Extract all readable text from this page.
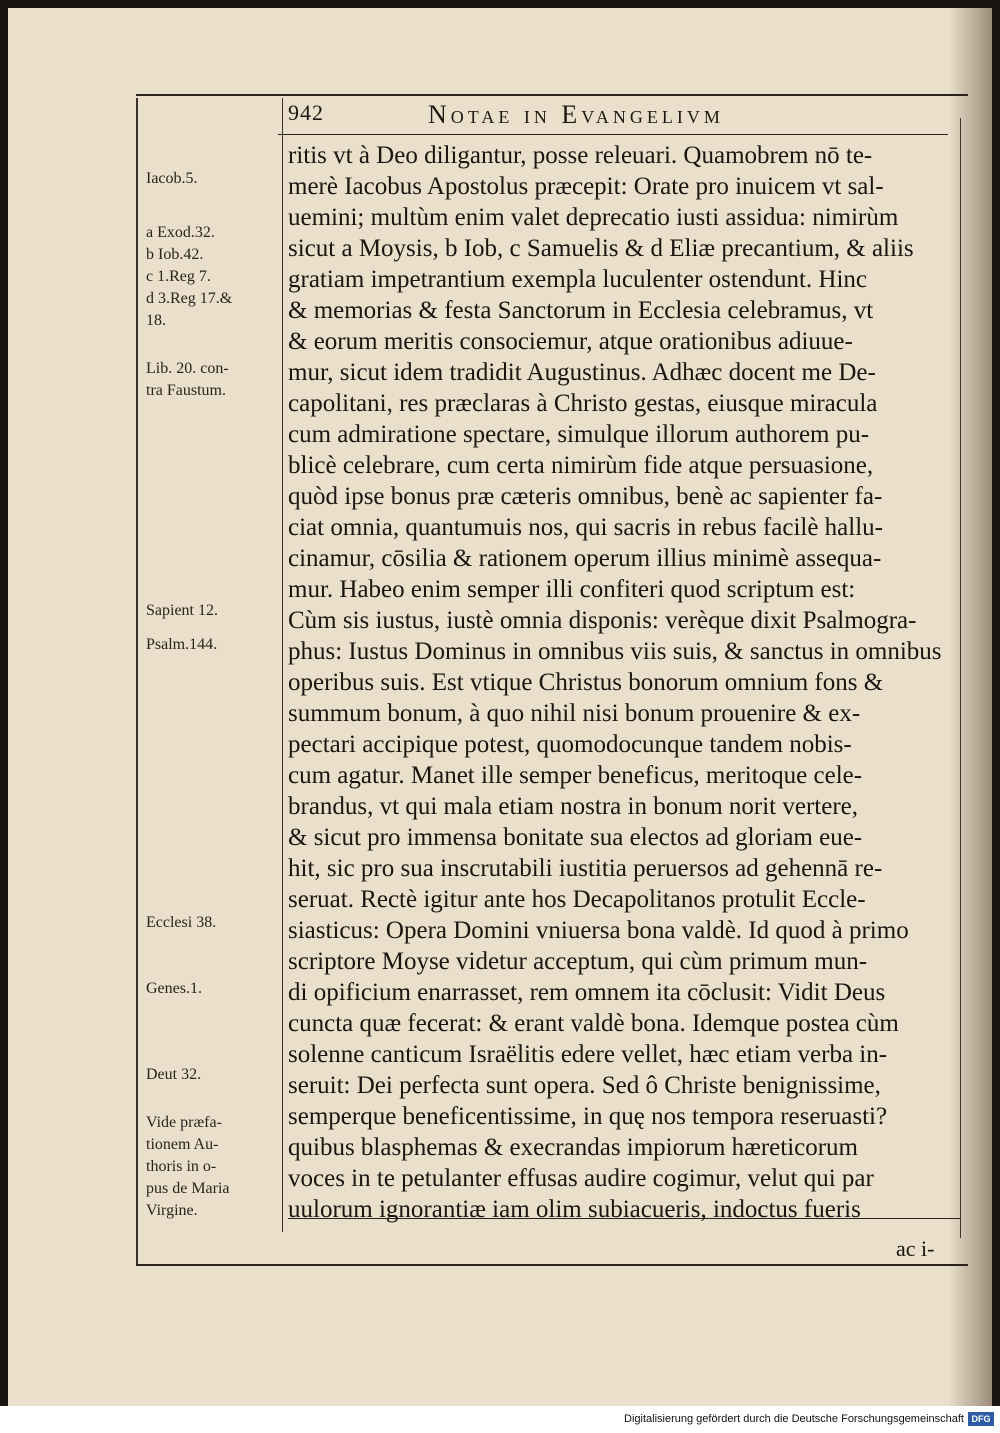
942	Notae in Evangelivm
Iacob.5.
a Exod.32.
b Iob.42.
c 1.Reg 7.
d 3.Reg 17.&
18.
Lib. 20. con-
tra Faustum.
Sapient 12.
Psalm.144.
Ecclesi 38.
Genes.1.
Deut 32.
Vide præfa-
tionem Au-
thoris in o-
pus de Maria
Virgine.
ritis vt à Deo diligantur, posse releuari. Quamobrem nō te-
merè Iacobus Apostolus præcepit: Orate pro inuicem vt sal-
uemini; multùm enim valet deprecatio iusti assidua: nimirùm
sicut a Moysis, b Iob, c Samuelis & d Eliæ precantium, & aliis
gratiam impetrantium exempla luculenter ostendunt. Hinc
& memorias & festa Sanctorum in Ecclesia celebramus, vt
& eorum meritis consociemur, atque orationibus adiuue-
mur, sicut idem tradidit Augustinus. Adhæc docent me De-
capolitani, res præclaras à Christo gestas, eiusque miracula
cum admiratione spectare, simulque illorum authorem pu-
blicè celebrare, cum certa nimirùm fide atque persuasione,
quòd ipse bonus præ cæteris omnibus, benè ac sapienter fa-
ciat omnia, quantumuis nos, qui sacris in rebus facilè hallu-
cinamur, cōsilia & rationem operum illius minimè assequa-
mur. Habeo enim semper illi confiteri quod scriptum est:
Cùm sis iustus, iustè omnia disponis: verèque dixit Psalmogra-
phus: Iustus Dominus in omnibus viis suis, & sanctus in omnibus
operibus suis. Est vtique Christus bonorum omnium fons &
summum bonum, à quo nihil nisi bonum prouenire & ex-
pectari accipique potest, quomodocunque tandem nobis-
cum agatur. Manet ille semper beneficus, meritoque cele-
brandus, vt qui mala etiam nostra in bonum norit vertere,
& sicut pro immensa bonitate sua electos ad gloriam eue-
hit, sic pro sua inscrutabili iustitia peruersos ad gehennā re-
seruat. Rectè igitur ante hos Decapolitanos protulit Eccle-
siasticus: Opera Domini vniuersa bona valdè. Id quod à primo
scriptore Moyse videtur acceptum, qui cùm primum mun-
di opificium enarrasset, rem omnem ita cōclusit: Vidit Deus
cuncta quæ fecerat: & erant valdè bona. Idemque postea cùm
solenne canticum Israëlitis edere vellet, hæc etiam verba in-
seruit: Dei perfecta sunt opera. Sed ô Christe benignissime,
semperque beneficentissime, in quę nos tempora reseruasti?
quibus blasphemas & execrandas impiorum hæreticorum
voces in te petulanter effusas audire cogimur, velut qui par
uulorum ignorantiæ iam olim subiacueris, indoctus fueris
ac i-
Digitalisierung gefördert durch die Deutsche Forschungsgemeinschaft DFG
